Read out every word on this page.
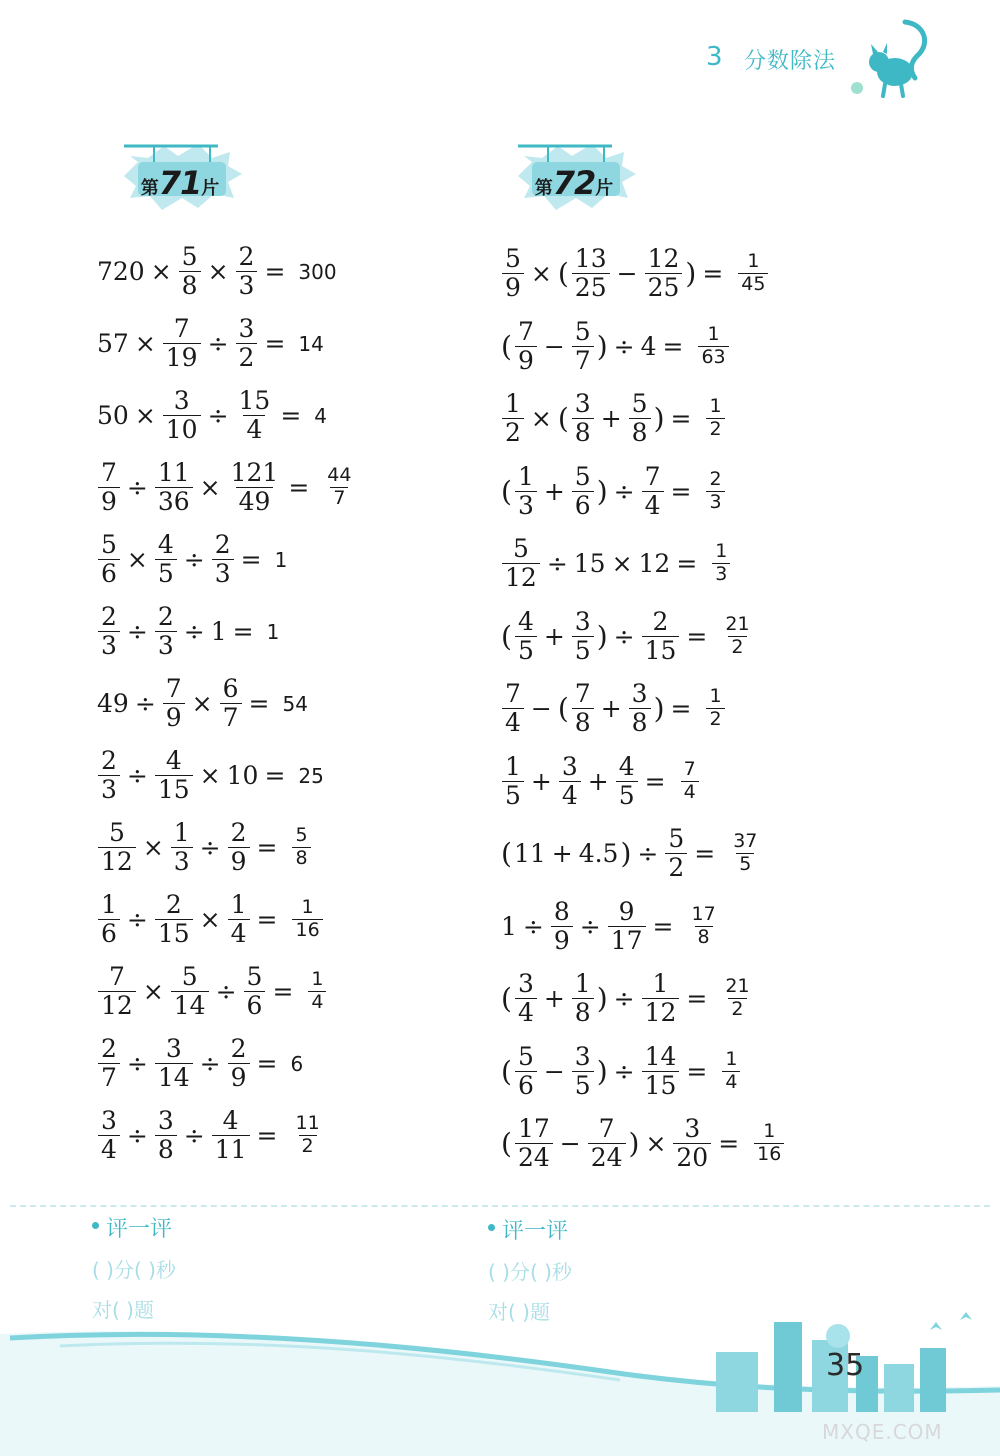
3 分数除法
第71片	第72片
$720 \times \frac{5}{8} \times \frac{2}{3} = 300$
$57 \times \frac{7}{19} \div \frac{3}{2} = 14$
$50 \times \frac{3}{10} \div \frac{15}{4} = 4$
$\frac{7}{9} \div \frac{11}{36} \times \frac{121}{49} = \frac{44}{7}$
$\frac{5}{6} \times \frac{4}{5} \div \frac{2}{3} = 1$
$\frac{2}{3} \div \frac{2}{3} \div 1 = 1$
$49 \div \frac{7}{9} \times \frac{6}{7} = 54$
$\frac{2}{3} \div \frac{4}{15} \times 10 = 25$
$\frac{5}{12} \times \frac{1}{3} \div \frac{2}{9} = \frac{5}{8}$
$\frac{1}{6} \div \frac{2}{15} \times \frac{1}{4} = \frac{1}{16}$
$\frac{7}{12} \times \frac{5}{14} \div \frac{5}{6} = \frac{1}{4}$
$\frac{2}{7} \div \frac{3}{14} \div \frac{2}{9} = 6$
$\frac{3}{4} \div \frac{3}{8} \div \frac{4}{11} = \frac{11}{2}$
$\frac{5}{9}$ × ( $\frac{13}{25} - \frac{12}{25}$ ) = $\frac{1}{45}$
( $\frac{7}{9} - \frac{5}{7}$ ) ÷ $4 = \frac{1}{63}$
$\frac{1}{2}$ × ( $\frac{3}{8} + \frac{5}{8}$ ) = $\frac{1}{2}$
( $\frac{1}{3} + \frac{5}{6}$ ) ÷ $\frac{7}{4} = \frac{2}{3}$
$\frac{5}{12} \div 15 \times 12 = \frac{1}{3}$
( $\frac{4}{5} + \frac{3}{5}$ ) ÷ $\frac{2}{15} = \frac{21}{2}$
$\frac{7}{4}$ − ( $\frac{7}{8} + \frac{3}{8}$ ) = $\frac{1}{2}$
$\frac{1}{5} + \frac{3}{4} + \frac{4}{5} = \frac{7}{4}$
( 11 + 4.5 ) ÷ $\frac{5}{2} = \frac{37}{5}$
$1 \div \frac{8}{9} \div \frac{9}{17} = \frac{17}{8}$
( $\frac{3}{4} + \frac{1}{8}$ ) ÷ $\frac{1}{12} = \frac{21}{2}$
( $\frac{5}{6} - \frac{3}{5}$ ) ÷ $\frac{14}{15} = \frac{1}{4}$
( $\frac{17}{24} - \frac{7}{24}$ ) × $\frac{3}{20} = \frac{1}{16}$
评一评
( )分( )秒
对( )题
评一评
( )分( )秒
对( )题
35
MXQE.COM
